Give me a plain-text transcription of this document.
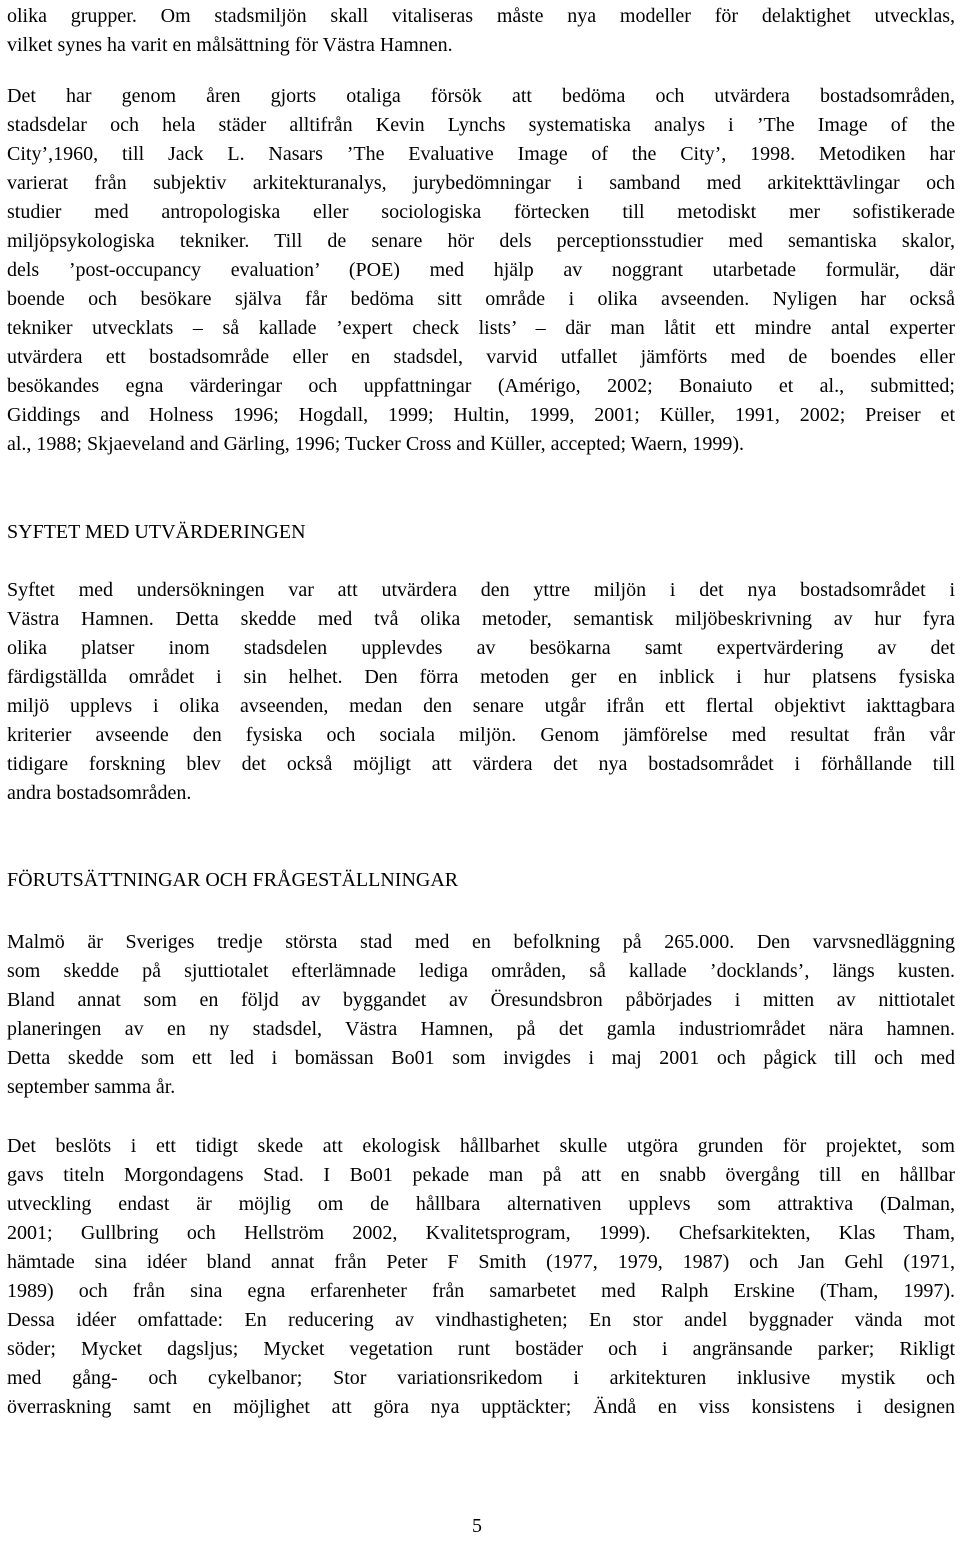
olika grupper. Om stadsmiljön skall vitaliseras måste nya modeller för delaktighet utvecklas,
vilket synes ha varit en målsättning för Västra Hamnen.
Det har genom åren gjorts otaliga försök att bedöma och utvärdera bostadsområden,
stadsdelar och hela städer alltifrån Kevin Lynchs systematiska analys i ’The Image of the
City’,1960, till Jack L. Nasars ’The Evaluative Image of the City’, 1998. Metodiken har
varierat från subjektiv arkitekturanalys, jurybedömningar i samband med arkitekttävlingar och
studier med antropologiska eller sociologiska förtecken till metodiskt mer sofistikerade
miljöpsykologiska tekniker. Till de senare hör dels perceptionsstudier med semantiska skalor,
dels ’post-occupancy evaluation’ (POE) med hjälp av noggrant utarbetade formulär, där
boende och besökare själva får bedöma sitt område i olika avseenden. Nyligen har också
tekniker utvecklats – så kallade ’expert check lists’ – där man låtit ett mindre antal experter
utvärdera ett bostadsområde eller en stadsdel, varvid utfallet jämförts med de boendes eller
besökandes egna värderingar och uppfattningar (Amérigo, 2002; Bonaiuto et al., submitted;
Giddings and Holness 1996; Hogdall, 1999; Hultin, 1999, 2001; Küller, 1991, 2002; Preiser et
al., 1988; Skjaeveland and Gärling, 1996; Tucker Cross and Küller, accepted; Waern, 1999).
SYFTET MED UTVÄRDERINGEN
Syftet med undersökningen var att utvärdera den yttre miljön i det nya bostadsområdet i
Västra Hamnen. Detta skedde med två olika metoder, semantisk miljöbeskrivning av hur fyra
olika platser inom stadsdelen upplevdes av besökarna samt expertvärdering av det
färdigställda området i sin helhet. Den förra metoden ger en inblick i hur platsens fysiska
miljö upplevs i olika avseenden, medan den senare utgår ifrån ett flertal objektivt iakttagbara
kriterier avseende den fysiska och sociala miljön. Genom jämförelse med resultat från vår
tidigare forskning blev det också möjligt att värdera det nya bostadsområdet i förhållande till
andra bostadsområden.
FÖRUTSÄTTNINGAR OCH FRÅGESTÄLLNINGAR
Malmö är Sveriges tredje största stad med en befolkning på 265.000. Den varvsnedläggning
som skedde på sjuttiotalet efterlämnade lediga områden, så kallade ’docklands’, längs kusten.
Bland annat som en följd av byggandet av Öresundsbron påbörjades i mitten av nittiotalet
planeringen av en ny stadsdel, Västra Hamnen, på det gamla industriområdet nära hamnen.
Detta skedde som ett led i bomässan Bo01 som invigdes i maj 2001 och pågick till och med
september samma år.
Det beslöts i ett tidigt skede att ekologisk hållbarhet skulle utgöra grunden för projektet, som
gavs titeln Morgondagens Stad. I Bo01 pekade man på att en snabb övergång till en hållbar
utveckling endast är möjlig om de hållbara alternativen upplevs som attraktiva (Dalman,
2001; Gullbring och Hellström 2002, Kvalitetsprogram, 1999). Chefsarkitekten, Klas Tham,
hämtade sina idéer bland annat från Peter F Smith (1977, 1979, 1987) och Jan Gehl (1971,
1989) och från sina egna erfarenheter från samarbetet med Ralph Erskine (Tham, 1997).
Dessa idéer omfattade: En reducering av vindhastigheten; En stor andel byggnader vända mot
söder; Mycket dagsljus; Mycket vegetation runt bostäder och i angränsande parker; Rikligt
med gång- och cykelbanor; Stor variationsrikedom i arkitekturen inklusive mystik och
överraskning samt en möjlighet att göra nya upptäckter; Ändå en viss konsistens i designen
5
